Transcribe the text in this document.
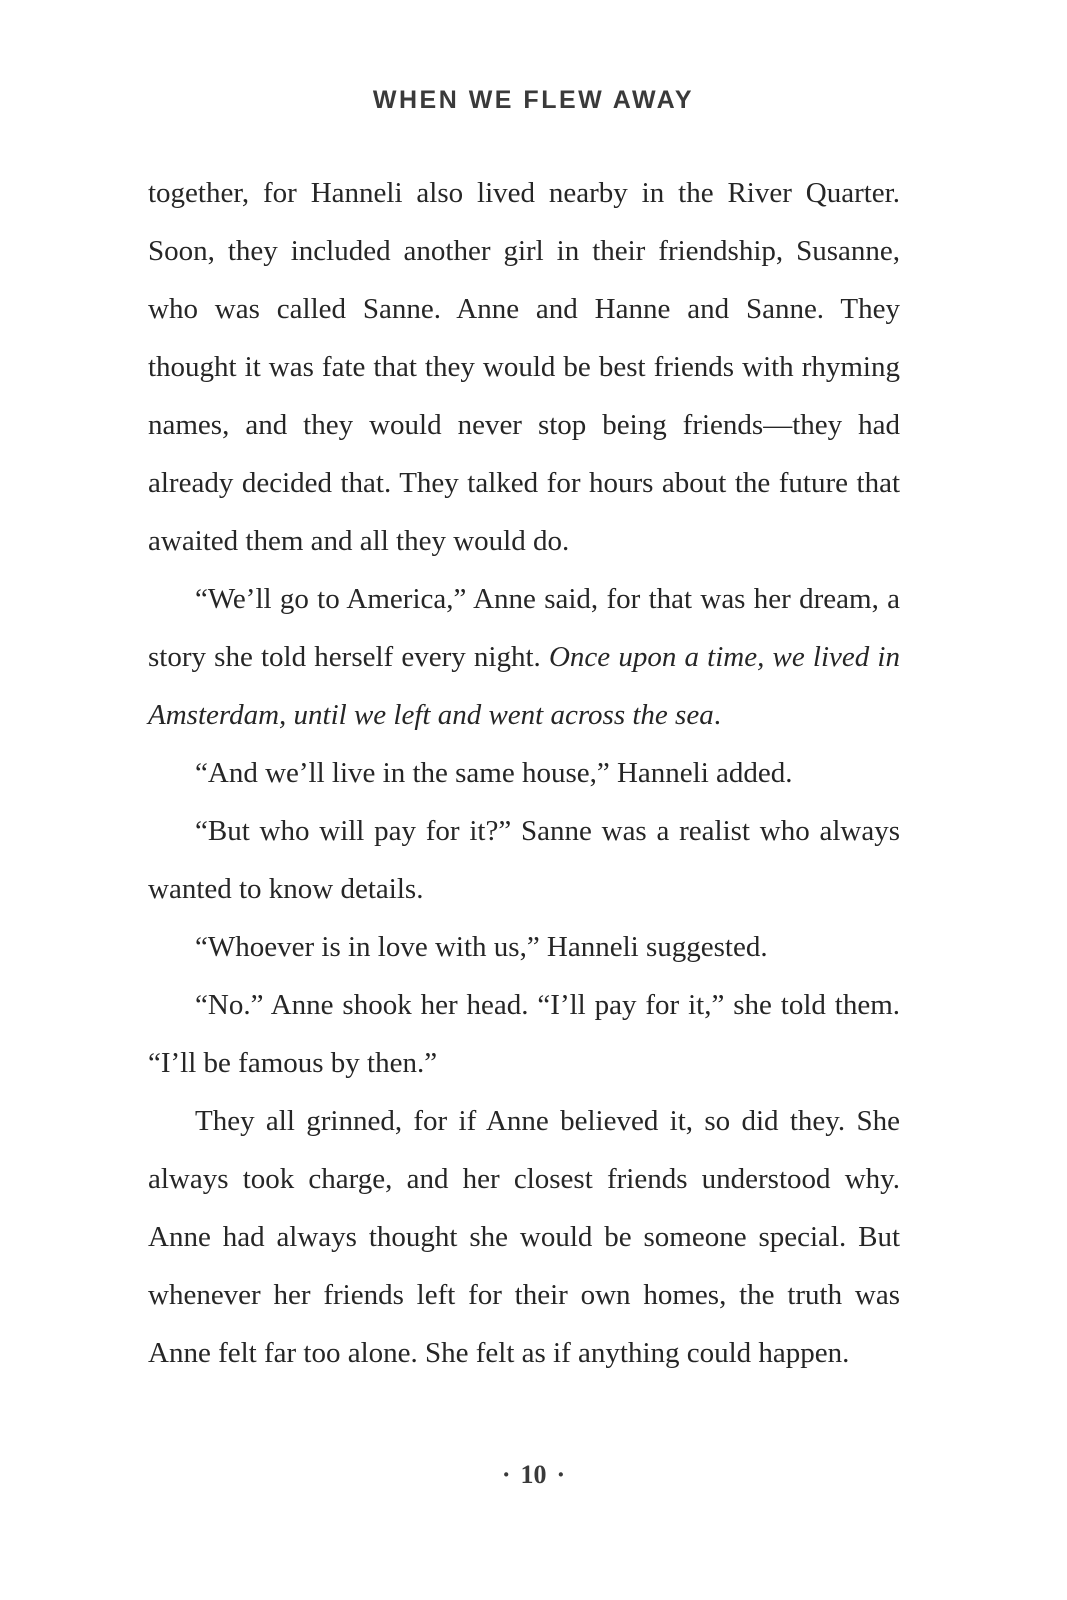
WHEN WE FLEW AWAY

together, for Hanneli also lived nearby in the River Quarter. Soon, they included another girl in their friendship, Susanne, who was called Sanne. Anne and Hanne and Sanne. They thought it was fate that they would be best friends with rhyming names, and they would never stop being friends—they had already decided that. They talked for hours about the future that awaited them and all they would do.

“We’ll go to America,” Anne said, for that was her dream, a story she told herself every night. Once upon a time, we lived in Amsterdam, until we left and went across the sea.

“And we’ll live in the same house,” Hanneli added.

“But who will pay for it?” Sanne was a realist who always wanted to know details.

“Whoever is in love with us,” Hanneli suggested.

“No.” Anne shook her head. “I’ll pay for it,” she told them. “I’ll be famous by then.”

They all grinned, for if Anne believed it, so did they. She always took charge, and her closest friends understood why. Anne had always thought she would be someone special. But whenever her friends left for their own homes, the truth was Anne felt far too alone. She felt as if anything could happen.

· 10 ·
